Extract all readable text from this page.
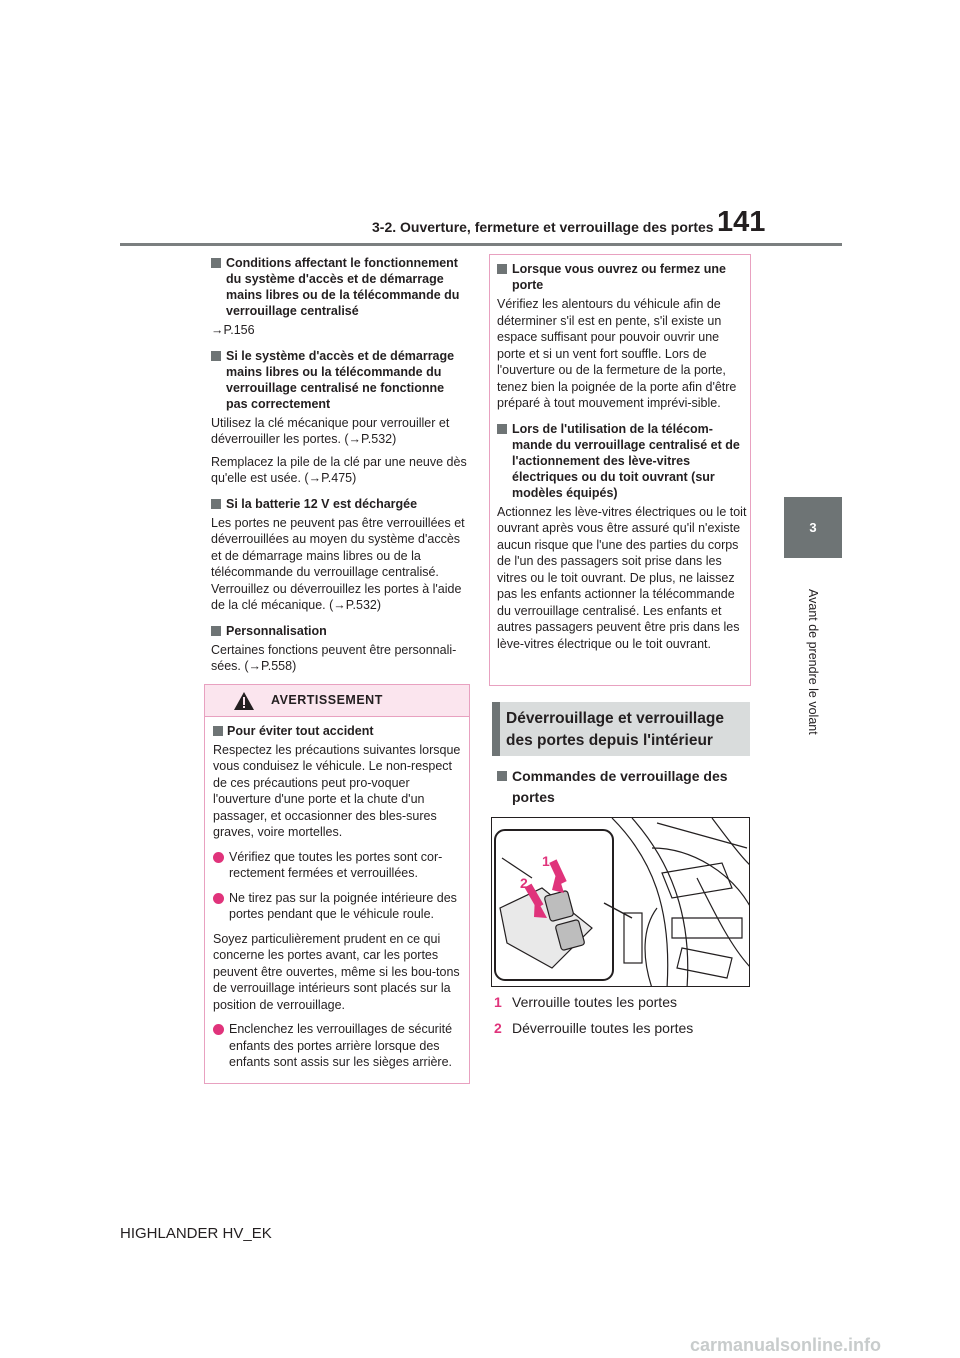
3-2. Ouverture, fermeture et verrouillage des portes 141
3
Avant de prendre le volant
Conditions affectant le fonctionnement du système d'accès et de démarrage mains libres ou de la télécommande du verrouillage centralisé
→P.156
Si le système d'accès et de démarrage mains libres ou la télécommande du verrouillage centralisé ne fonctionne pas correctement
Utilisez la clé mécanique pour verrouiller et déverrouiller les portes. (→P.532)
Remplacez la pile de la clé par une neuve dès qu'elle est usée. (→P.475)
Si la batterie 12 V est déchargée
Les portes ne peuvent pas être verrouillées et déverrouillées au moyen du système d'accès et de démarrage mains libres ou de la télécommande du verrouillage centralisé. Verrouillez ou déverrouillez les portes à l'aide de la clé mécanique. (→P.532)
Personnalisation
Certaines fonctions peuvent être personnali-sées. (→P.558)
AVERTISSEMENT
Pour éviter tout accident
Respectez les précautions suivantes lorsque vous conduisez le véhicule. Le non-respect de ces précautions peut pro-voquer l'ouverture d'une porte et la chute d'un passager, et occasionner des bles-sures graves, voire mortelles.
Vérifiez que toutes les portes sont cor-rectement fermées et verrouillées.
Ne tirez pas sur la poignée intérieure des portes pendant que le véhicule roule.
Soyez particulièrement prudent en ce qui concerne les portes avant, car les portes peuvent être ouvertes, même si les bou-tons de verrouillage intérieurs sont placés sur la position de verrouillage.
Enclenchez les verrouillages de sécurité enfants des portes arrière lorsque des enfants sont assis sur les sièges arrière.
Lorsque vous ouvrez ou fermez une porte
Vérifiez les alentours du véhicule afin de déterminer s'il est en pente, s'il existe un espace suffisant pour pouvoir ouvrir une porte et si un vent fort souffle. Lors de l'ouverture ou de la fermeture de la porte, tenez bien la poignée de la porte afin d'être préparé à tout mouvement imprévi-sible.
Lors de l'utilisation de la télécom-mande du verrouillage centralisé et de l'actionnement des lève-vitres électriques ou du toit ouvrant (sur modèles équipés)
Actionnez les lève-vitres électriques ou le toit ouvrant après vous être assuré qu'il n'existe aucun risque que l'une des parties du corps de l'un des passagers soit prise dans les vitres ou le toit ouvrant. De plus, ne laissez pas les enfants actionner la télécommande du verrouillage centralisé. Les enfants et autres passagers peuvent être pris dans les lève-vitres électrique ou le toit ouvrant.
Déverrouillage et verrouillage
des portes depuis l'intérieur
Commandes de verrouillage des portes
1
2
1 Verrouille toutes les portes
2 Déverrouille toutes les portes
HIGHLANDER HV_EK
carmanualsonline.info
